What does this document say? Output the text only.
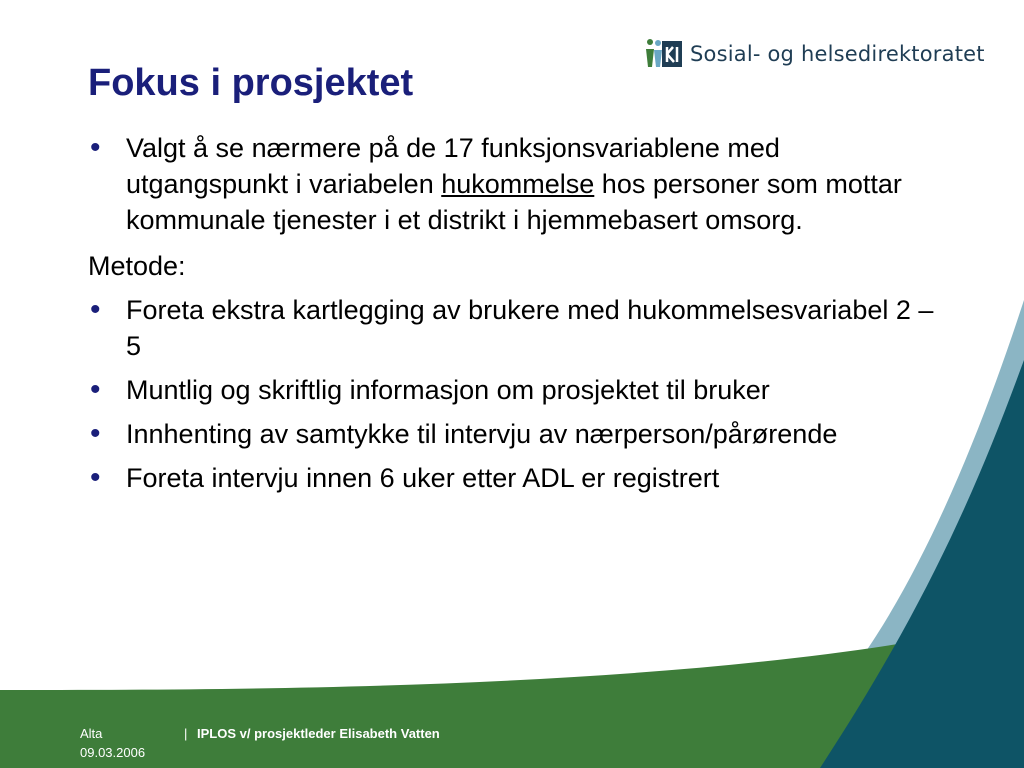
Sosial- og helsedirektoratet
Fokus i prosjektet

• Valgt å se nærmere på de 17 funksjonsvariablene med utgangspunkt i variabelen hukommelse hos personer som mottar kommunale tjenester i et distrikt i hjemmebasert omsorg.

Metode:

• Foreta ekstra kartlegging av brukere med hukommelsesvariabel 2 – 5

• Muntlig og skriftlig informasjon om prosjektet til bruker

• Innhenting av samtykke til intervju av nærperson/pårørende

• Foreta intervju innen 6 uker etter ADL er registrert

Alta
09.03.2006
| IPLOS v/ prosjektleder Elisabeth Vatten
